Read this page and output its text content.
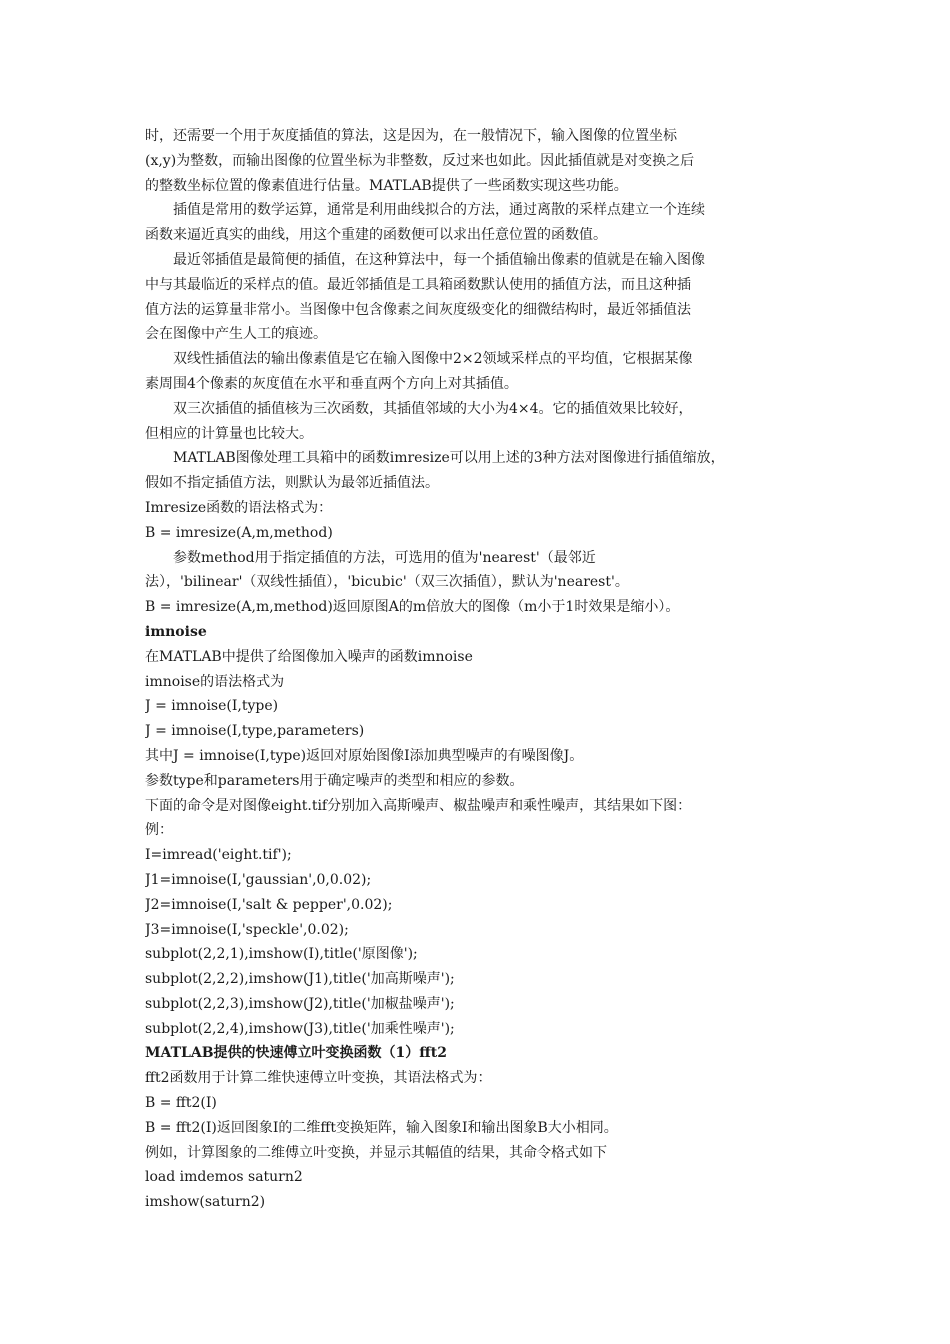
时，还需要一个用于灰度插值的算法，这是因为，在一般情况下，输入图像的位置坐标
(x,y)为整数，而输出图像的位置坐标为非整数，反过来也如此。因此插值就是对变换之后
的整数坐标位置的像素值进行估量。MATLAB提供了一些函数实现这些功能。
插值是常用的数学运算，通常是利用曲线拟合的方法，通过离散的采样点建立一个连续
函数来逼近真实的曲线，用这个重建的函数便可以求出任意位置的函数值。
最近邻插值是最简便的插值，在这种算法中，每一个插值输出像素的值就是在输入图像
中与其最临近的采样点的值。最近邻插值是工具箱函数默认使用的插值方法，而且这种插
值方法的运算量非常小。当图像中包含像素之间灰度级变化的细微结构时，最近邻插值法
会在图像中产生人工的痕迹。
双线性插值法的输出像素值是它在输入图像中2×2领域采样点的平均值，它根据某像
素周围4个像素的灰度值在水平和垂直两个方向上对其插值。
双三次插值的插值核为三次函数，其插值邻域的大小为4×4。它的插值效果比较好，
但相应的计算量也比较大。
MATLAB图像处理工具箱中的函数imresize可以用上述的3种方法对图像进行插值缩放，
假如不指定插值方法，则默认为最邻近插值法。
Imresize函数的语法格式为：
B = imresize(A,m,method)
参数method用于指定插值的方法，可选用的值为'nearest'（最邻近
法），'bilinear'（双线性插值），'bicubic'（双三次插值），默认为'nearest'。
B = imresize(A,m,method)返回原图A的m倍放大的图像（m小于1时效果是缩小）。
imnoise
在MATLAB中提供了给图像加入噪声的函数imnoise
imnoise的语法格式为
J = imnoise(I,type)
J = imnoise(I,type,parameters)
其中J = imnoise(I,type)返回对原始图像I添加典型噪声的有噪图像J。
参数type和parameters用于确定噪声的类型和相应的参数。
下面的命令是对图像eight.tif分别加入高斯噪声、椒盐噪声和乘性噪声，其结果如下图：
例：
I=imread('eight.tif');
J1=imnoise(I,'gaussian',0,0.02);
J2=imnoise(I,'salt & pepper',0.02);
J3=imnoise(I,'speckle',0.02);
subplot(2,2,1),imshow(I),title('原图像');
subplot(2,2,2),imshow(J1),title('加高斯噪声');
subplot(2,2,3),imshow(J2),title('加椒盐噪声');
subplot(2,2,4),imshow(J3),title('加乘性噪声');
MATLAB提供的快速傅立叶变换函数（1）fft2
fft2函数用于计算二维快速傅立叶变换，其语法格式为：
B = fft2(I)
B = fft2(I)返回图象I的二维fft变换矩阵，输入图象I和输出图象B大小相同。
例如，计算图象的二维傅立叶变换，并显示其幅值的结果，其命令格式如下
load imdemos saturn2
imshow(saturn2)
